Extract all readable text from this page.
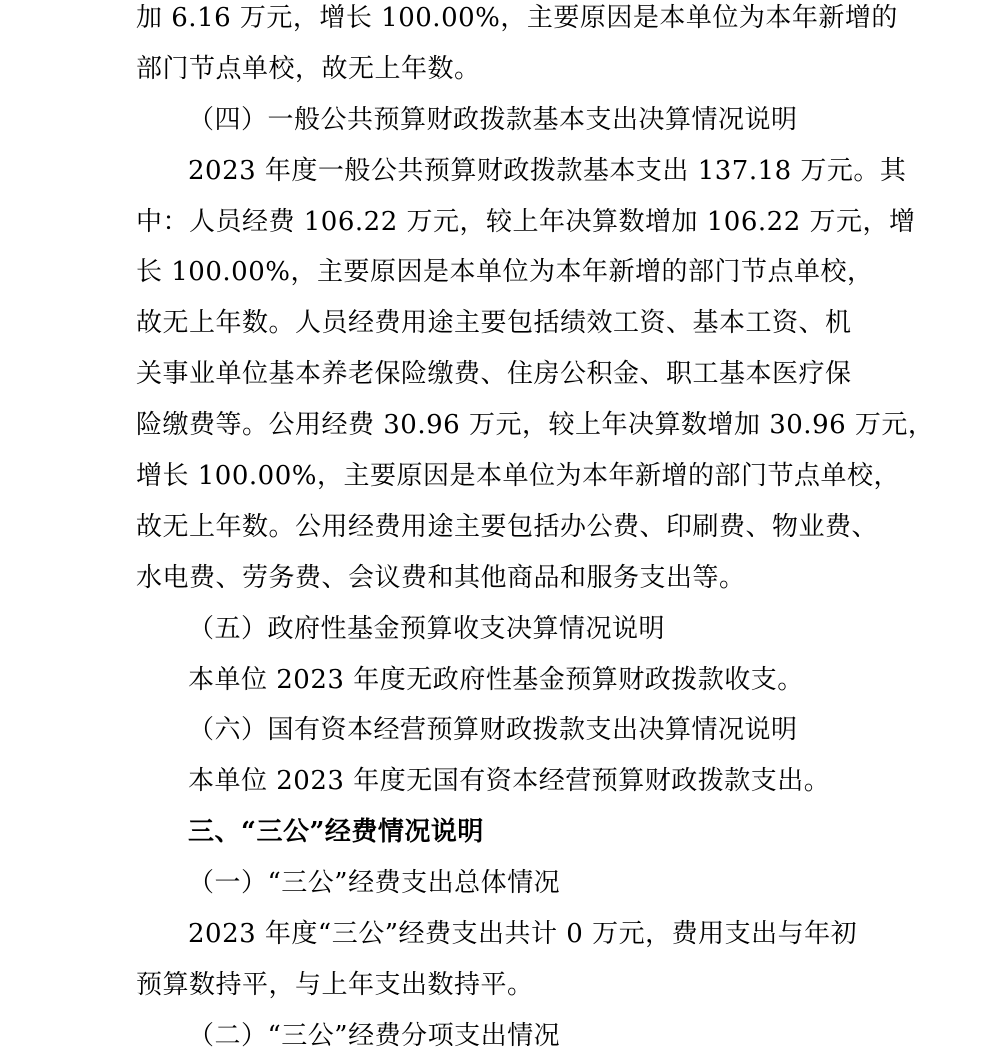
加 6.16 万元，增长 100.00%，主要原因是本单位为本年新增的
部门节点单校，故无上年数。
（四）一般公共预算财政拨款基本支出决算情况说明
2023 年度一般公共预算财政拨款基本支出 137.18 万元。其
中：人员经费 106.22 万元，较上年决算数增加 106.22 万元，增
长 100.00%，主要原因是本单位为本年新增的部门节点单校，
故无上年数。人员经费用途主要包括绩效工资、基本工资、机
关事业单位基本养老保险缴费、住房公积金、职工基本医疗保
险缴费等。公用经费 30.96 万元，较上年决算数增加 30.96 万元，
增长 100.00%，主要原因是本单位为本年新增的部门节点单校，
故无上年数。公用经费用途主要包括办公费、印刷费、物业费、
水电费、劳务费、会议费和其他商品和服务支出等。
（五）政府性基金预算收支决算情况说明
本单位 2023 年度无政府性基金预算财政拨款收支。
（六）国有资本经营预算财政拨款支出决算情况说明
本单位 2023 年度无国有资本经营预算财政拨款支出。
三、“三公”经费情况说明
（一）“三公”经费支出总体情况
2023 年度“三公”经费支出共计 0 万元，费用支出与年初
预算数持平，与上年支出数持平。
（二）“三公”经费分项支出情况
